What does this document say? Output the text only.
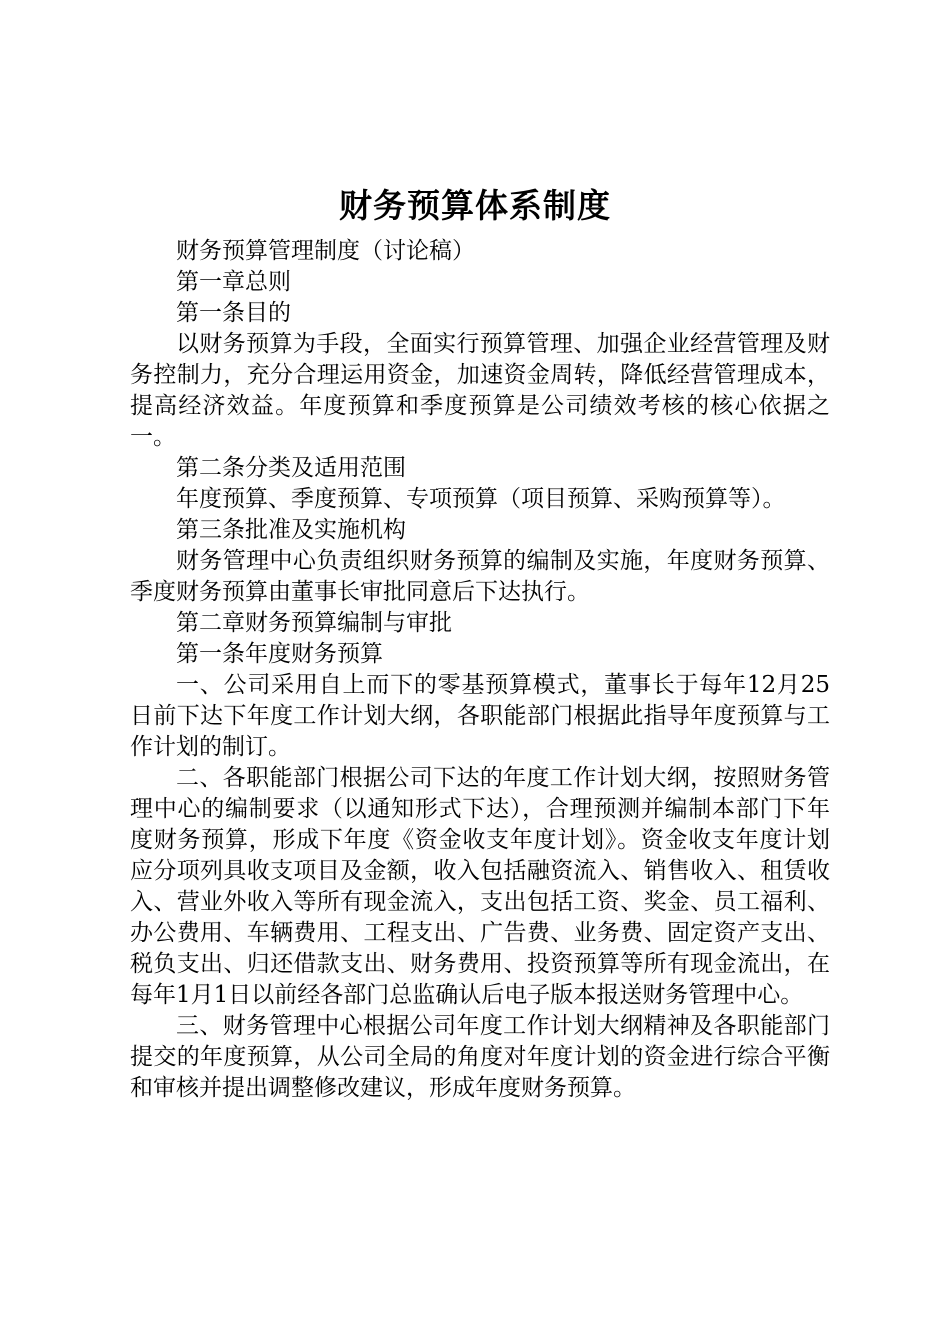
财务预算体系制度

财务预算管理制度（讨论稿）

第一章总则

第一条目的

以财务预算为手段，全面实行预算管理、加强企业经营管理及财务控制力，充分合理运用资金，加速资金周转，降低经营管理成本，提高经济效益。年度预算和季度预算是公司绩效考核的核心依据之一。

第二条分类及适用范围

年度预算、季度预算、专项预算（项目预算、采购预算等）。

第三条批准及实施机构

财务管理中心负责组织财务预算的编制及实施，年度财务预算、季度财务预算由董事长审批同意后下达执行。

第二章财务预算编制与审批

第一条年度财务预算

一、公司采用自上而下的零基预算模式，董事长于每年12月25日前下达下年度工作计划大纲，各职能部门根据此指导年度预算与工作计划的制订。

二、各职能部门根据公司下达的年度工作计划大纲，按照财务管理中心的编制要求（以通知形式下达），合理预测并编制本部门下年度财务预算，形成下年度《资金收支年度计划》。资金收支年度计划应分项列具收支项目及金额，收入包括融资流入、销售收入、租赁收入、营业外收入等所有现金流入，支出包括工资、奖金、员工福利、办公费用、车辆费用、工程支出、广告费、业务费、固定资产支出、税负支出、归还借款支出、财务费用、投资预算等所有现金流出，在每年1月1日以前经各部门总监确认后电子版本报送财务管理中心。

三、财务管理中心根据公司年度工作计划大纲精神及各职能部门提交的年度预算，从公司全局的角度对年度计划的资金进行综合平衡和审核并提出调整修改建议，形成年度财务预算。
